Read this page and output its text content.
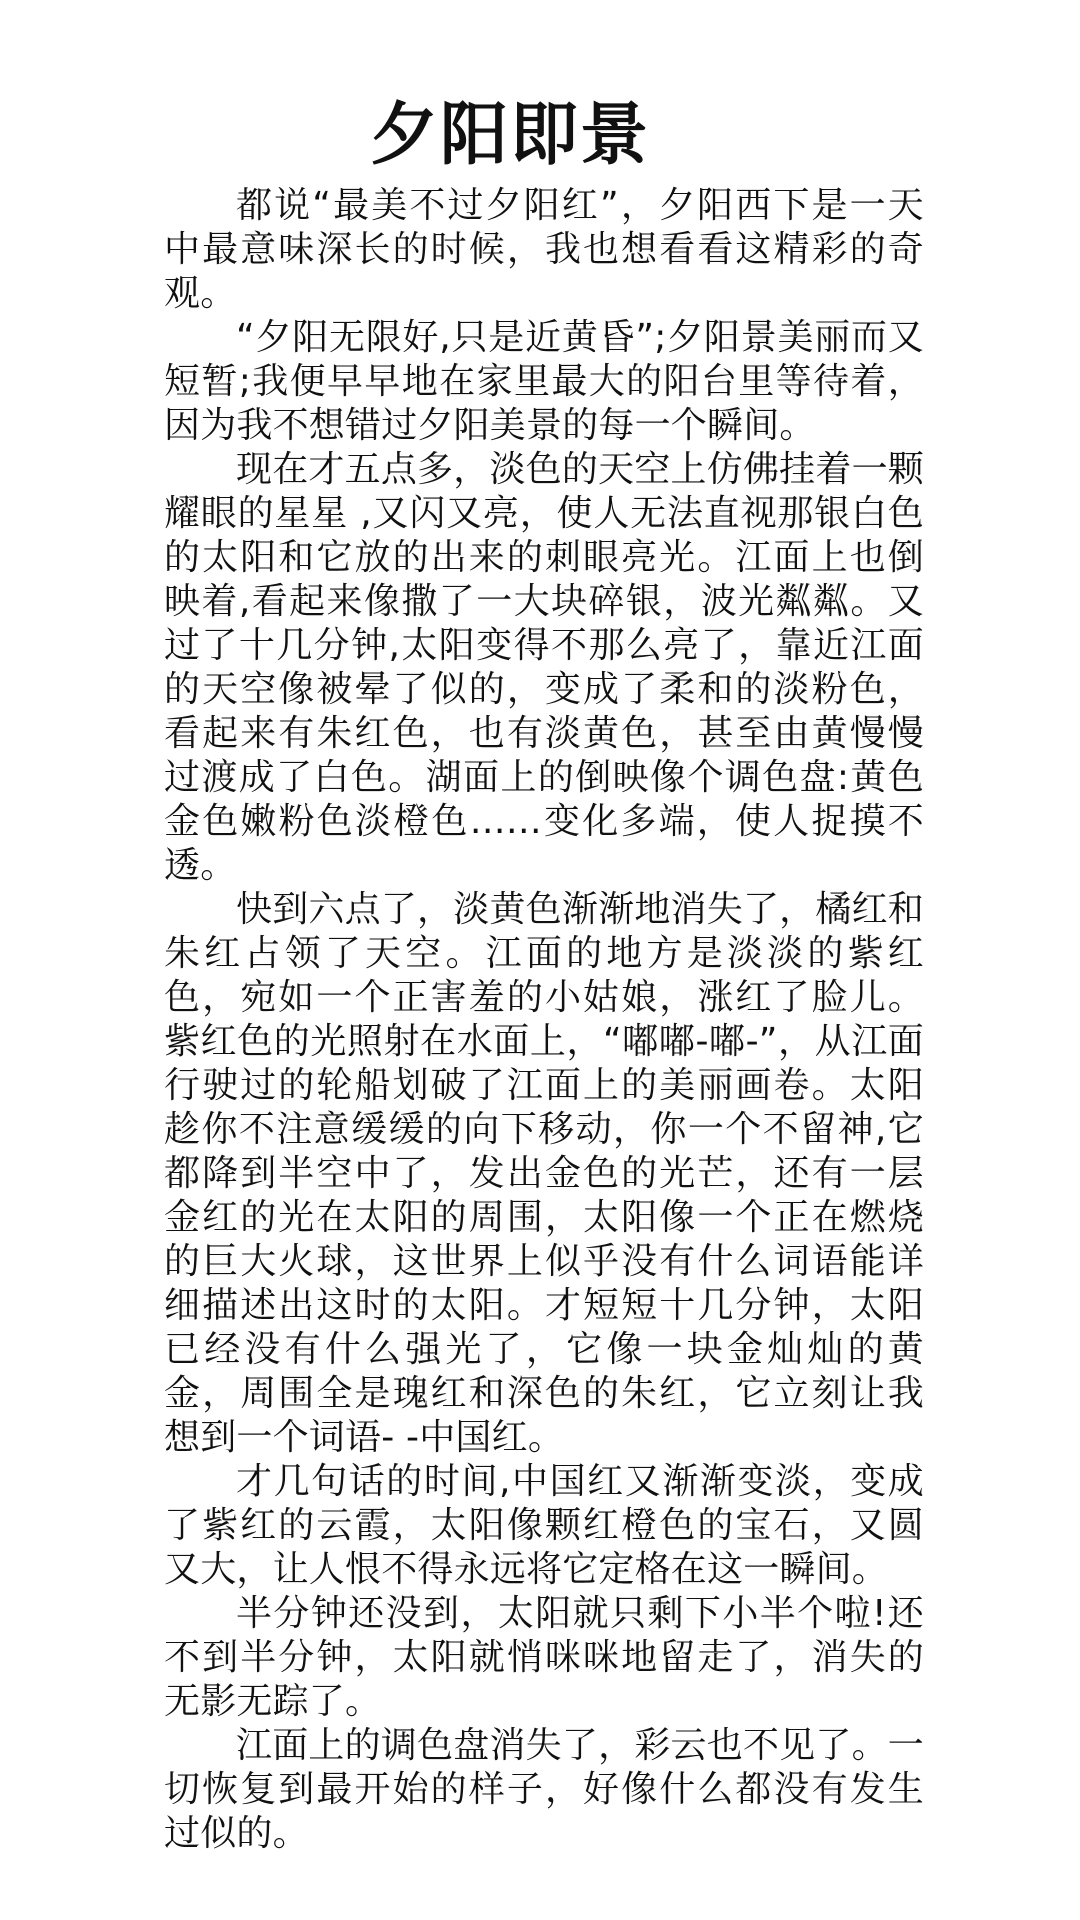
夕阳即景

都说“最美不过夕阳红”，夕阳西下是一天中最意味深长的时候，我也想看看这精彩的奇观。

“夕阳无限好,只是近黄昏”;夕阳景美丽而又短暂;我便早早地在家里最大的阳台里等待着，因为我不想错过夕阳美景的每一个瞬间。

现在才五点多，淡色的天空上仿佛挂着一颗耀眼的星星 ,又闪又亮，使人无法直视那银白色的太阳和它放的出来的刺眼亮光。江面上也倒映着,看起来像撒了一大块碎银，波光粼粼。又过了十几分钟,太阳变得不那么亮了，靠近江面的天空像被晕了似的，变成了柔和的淡粉色，看起来有朱红色，也有淡黄色，甚至由黄慢慢过渡成了白色。湖面上的倒映像个调色盘:黄色金色嫩粉色淡橙色……变化多端，使人捉摸不透。

快到六点了，淡黄色渐渐地消失了，橘红和朱红占领了天空。江面的地方是淡淡的紫红色，宛如一个正害羞的小姑娘，涨红了脸儿。紫红色的光照射在水面上，“嘟嘟-嘟-”，从江面行驶过的轮船划破了江面上的美丽画卷。太阳趁你不注意缓缓的向下移动，你一个不留神,它都降到半空中了，发出金色的光芒，还有一层金红的光在太阳的周围，太阳像一个正在燃烧的巨大火球，这世界上似乎没有什么词语能详细描述出这时的太阳。才短短十几分钟，太阳已经没有什么强光了，它像一块金灿灿的黄金，周围全是瑰红和深色的朱红，它立刻让我想到一个词语- -中国红。

才几句话的时间,中国红又渐渐变淡，变成了紫红的云霞，太阳像颗红橙色的宝石，又圆又大，让人恨不得永远将它定格在这一瞬间。

半分钟还没到，太阳就只剩下小半个啦!还不到半分钟，太阳就悄咪咪地留走了，消失的无影无踪了。

江面上的调色盘消失了，彩云也不见了。一切恢复到最开始的样子，好像什么都没有发生过似的。
